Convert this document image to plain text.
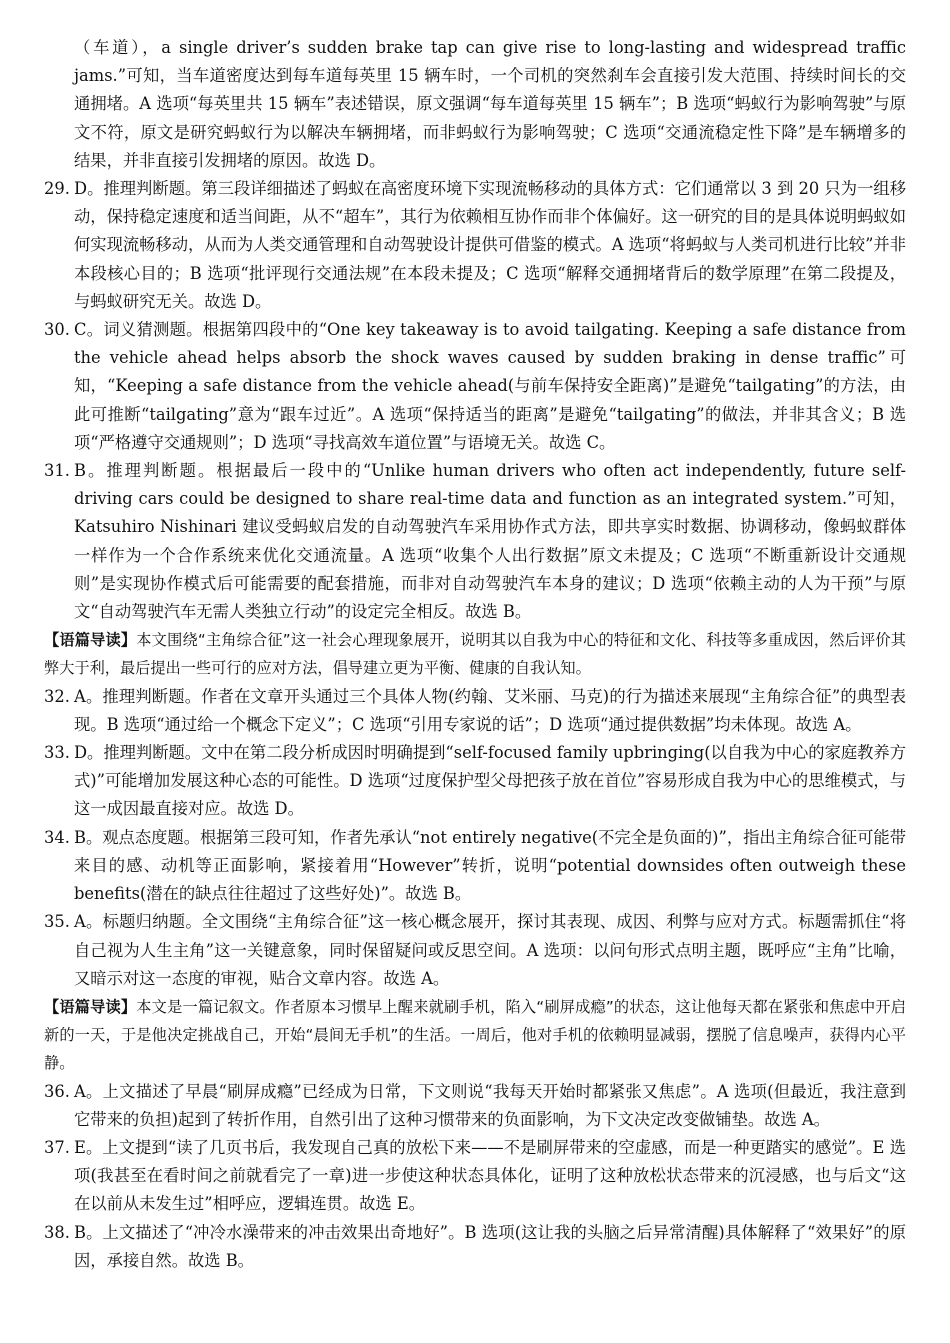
（车道），a single driver’s sudden brake tap can give rise to long-lasting and widespread traffic jams.”可知，当车道密度达到每车道每英里 15 辆车时，一个司机的突然刹车会直接引发大范围、持续时间长的交通拥堵。A 选项“每英里共 15 辆车”表述错误，原文强调“每车道每英里 15 辆车”；B 选项“蚂蚁行为影响驾驶”与原文不符，原文是研究蚂蚁行为以解决车辆拥堵，而非蚂蚁行为影响驾驶；C 选项“交通流稳定性下降”是车辆增多的结果，并非直接引发拥堵的原因。故选 D。

29. D。推理判断题。第三段详细描述了蚂蚁在高密度环境下实现流畅移动的具体方式：它们通常以 3 到 20 只为一组移动，保持稳定速度和适当间距，从不“超车”，其行为依赖相互协作而非个体偏好。这一研究的目的是具体说明蚂蚁如何实现流畅移动，从而为人类交通管理和自动驾驶设计提供可借鉴的模式。A 选项“将蚂蚁与人类司机进行比较”并非本段核心目的；B 选项“批评现行交通法规”在本段未提及；C 选项“解释交通拥堵背后的数学原理”在第二段提及，与蚂蚁研究无关。故选 D。
30. C。词义猜测题。根据第四段中的“One key takeaway is to avoid tailgating. Keeping a safe distance from the vehicle ahead helps absorb the shock waves caused by sudden braking in dense traffic”可知，“Keeping a safe distance from the vehicle ahead(与前车保持安全距离)”是避免“tailgating”的方法，由此可推断“tailgating”意为“跟车过近”。A 选项“保持适当的距离”是避免“tailgating”的做法，并非其含义；B 选项“严格遵守交通规则”；D 选项“寻找高效车道位置”与语境无关。故选 C。
31. B。推理判断题。根据最后一段中的“Unlike human drivers who often act independently, future self-driving cars could be designed to share real-time data and function as an integrated system.”可知，Katsuhiro Nishinari 建议受蚂蚁启发的自动驾驶汽车采用协作式方法，即共享实时数据、协调移动，像蚂蚁群体一样作为一个合作系统来优化交通流量。A 选项“收集个人出行数据”原文未提及；C 选项“不断重新设计交通规则”是实现协作模式后可能需要的配套措施，而非对自动驾驶汽车本身的建议；D 选项“依赖主动的人为干预”与原文“自动驾驶汽车无需人类独立行动”的设定完全相反。故选 B。

【语篇导读】本文围绕“主角综合征”这一社会心理现象展开，说明其以自我为中心的特征和文化、科技等多重成因，然后评价其弊大于利，最后提出一些可行的应对方法，倡导建立更为平衡、健康的自我认知。

32. A。推理判断题。作者在文章开头通过三个具体人物(约翰、艾米丽、马克)的行为描述来展现“主角综合征”的典型表现。B 选项“通过给一个概念下定义”；C 选项“引用专家说的话”；D 选项“通过提供数据”均未体现。故选 A。
33. D。推理判断题。文中在第二段分析成因时明确提到“self-focused family upbringing(以自我为中心的家庭教养方式)”可能增加发展这种心态的可能性。D 选项“过度保护型父母把孩子放在首位”容易形成自我为中心的思维模式，与这一成因最直接对应。故选 D。
34. B。观点态度题。根据第三段可知，作者先承认“not entirely negative(不完全是负面的)”，指出主角综合征可能带来目的感、动机等正面影响，紧接着用“However”转折，说明“potential downsides often outweigh these benefits(潜在的缺点往往超过了这些好处)”。故选 B。
35. A。标题归纳题。全文围绕“主角综合征”这一核心概念展开，探讨其表现、成因、利弊与应对方式。标题需抓住“将自己视为人生主角”这一关键意象，同时保留疑问或反思空间。A 选项：以问句形式点明主题，既呼应“主角”比喻，又暗示对这一态度的审视，贴合文章内容。故选 A。

【语篇导读】本文是一篇记叙文。作者原本习惯早上醒来就刷手机，陷入“刷屏成瘾”的状态，这让他每天都在紧张和焦虑中开启新的一天，于是他决定挑战自己，开始“晨间无手机”的生活。一周后，他对手机的依赖明显减弱，摆脱了信息噪声，获得内心平静。

36. A。上文描述了早晨“刷屏成瘾”已经成为日常，下文则说“我每天开始时都紧张又焦虑”。A 选项(但最近，我注意到它带来的负担)起到了转折作用，自然引出了这种习惯带来的负面影响，为下文决定改变做铺垫。故选 A。
37. E。上文提到“读了几页书后，我发现自己真的放松下来——不是刷屏带来的空虚感，而是一种更踏实的感觉”。E 选项(我甚至在看时间之前就看完了一章)进一步使这种状态具体化，证明了这种放松状态带来的沉浸感，也与后文“这在以前从未发生过”相呼应，逻辑连贯。故选 E。
38. B。上文描述了“冲冷水澡带来的冲击效果出奇地好”。B 选项(这让我的头脑之后异常清醒)具体解释了“效果好”的原因，承接自然。故选 B。
